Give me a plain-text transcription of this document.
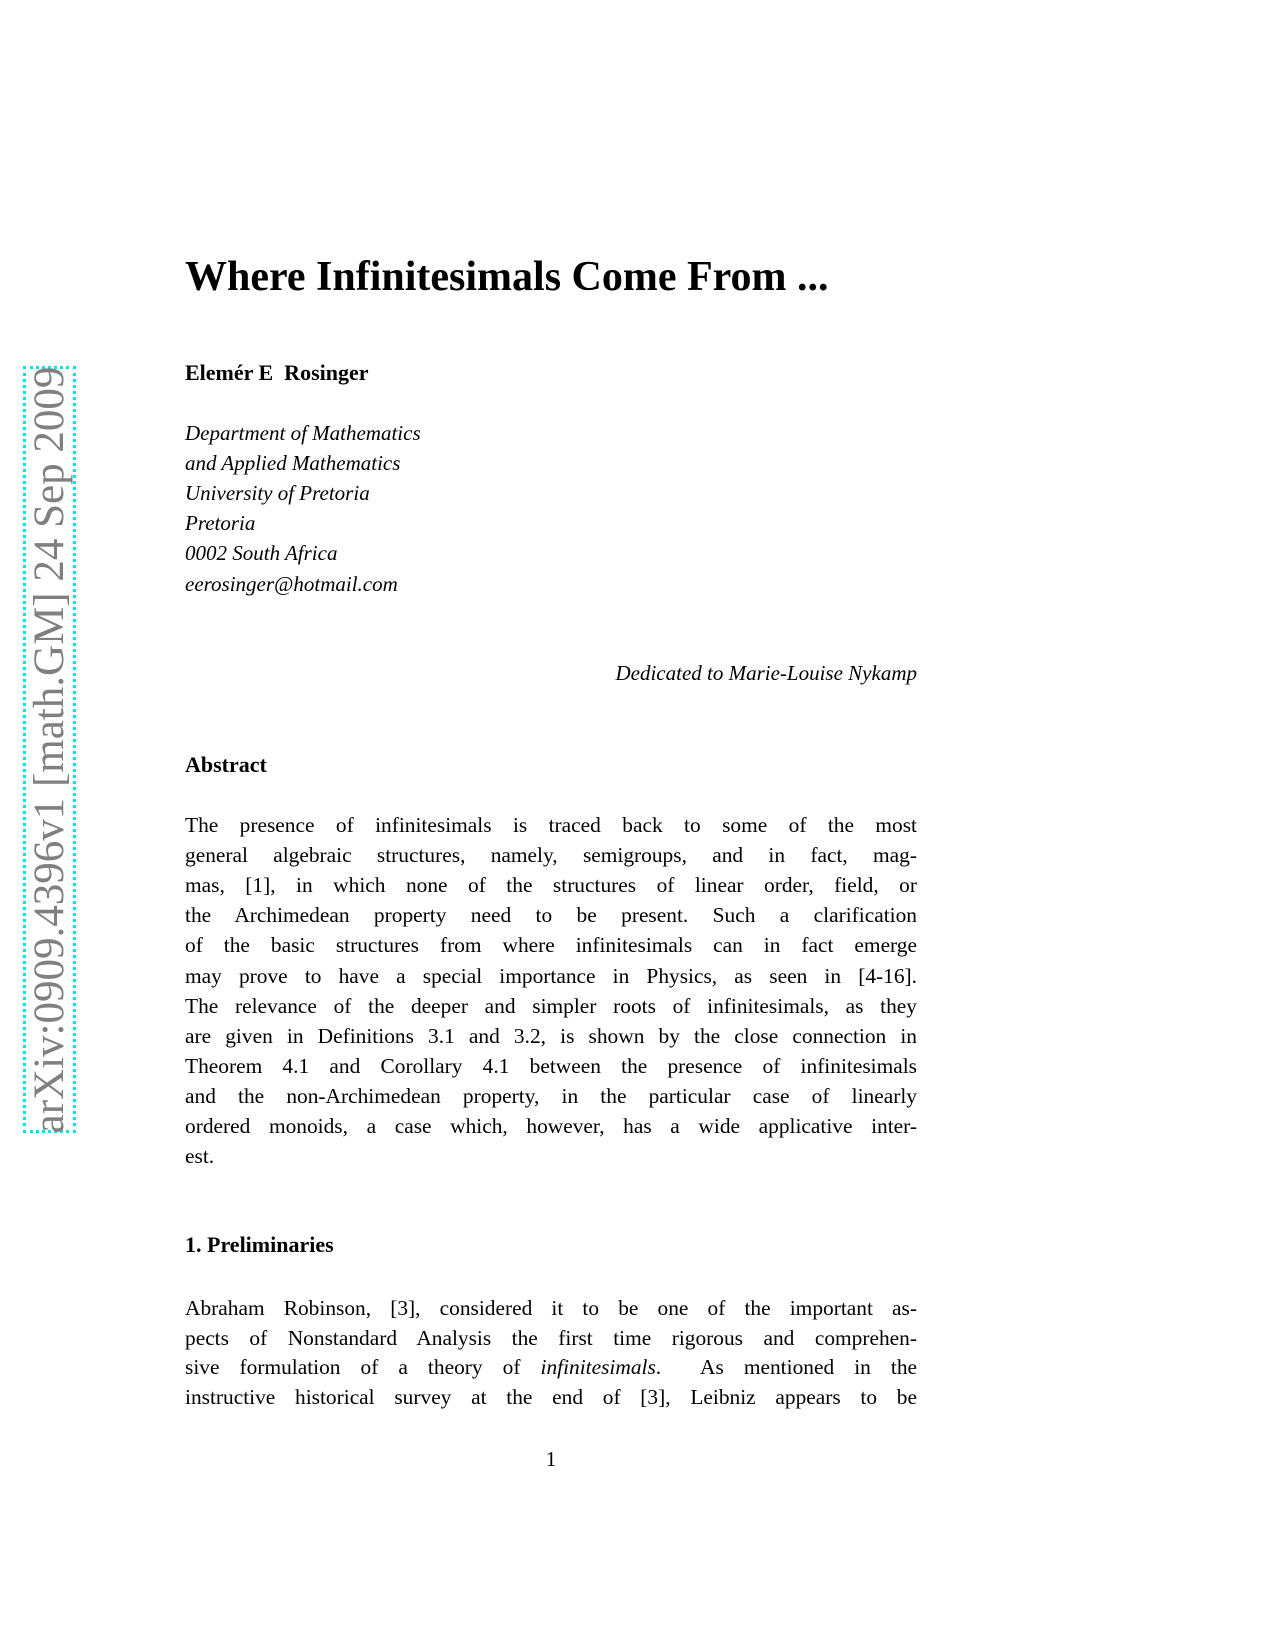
arXiv:0909.4396v1 [math.GM] 24 Sep 2009
Where Infinitesimals Come From ...
Elemér E  Rosinger
Department of Mathematics
and Applied Mathematics
University of Pretoria
Pretoria
0002 South Africa
eerosinger@hotmail.com
Dedicated to Marie-Louise Nykamp
Abstract
The presence of infinitesimals is traced back to some of the most
general algebraic structures, namely, semigroups, and in fact, mag-
mas, [1], in which none of the structures of linear order, field, or
the Archimedean property need to be present. Such a clarification
of the basic structures from where infinitesimals can in fact emerge
may prove to have a special importance in Physics, as seen in [4-16].
The relevance of the deeper and simpler roots of infinitesimals, as they
are given in Definitions 3.1 and 3.2, is shown by the close connection in
Theorem 4.1 and Corollary 4.1 between the presence of infinitesimals
and the non-Archimedean property, in the particular case of linearly
ordered monoids, a case which, however, has a wide applicative inter-
est.
1. Preliminaries
Abraham Robinson, [3], considered it to be one of the important as-
pects of Nonstandard Analysis the first time rigorous and comprehen-
sive formulation of a theory of infinitesimals.  As mentioned in the
instructive historical survey at the end of [3], Leibniz appears to be
1
